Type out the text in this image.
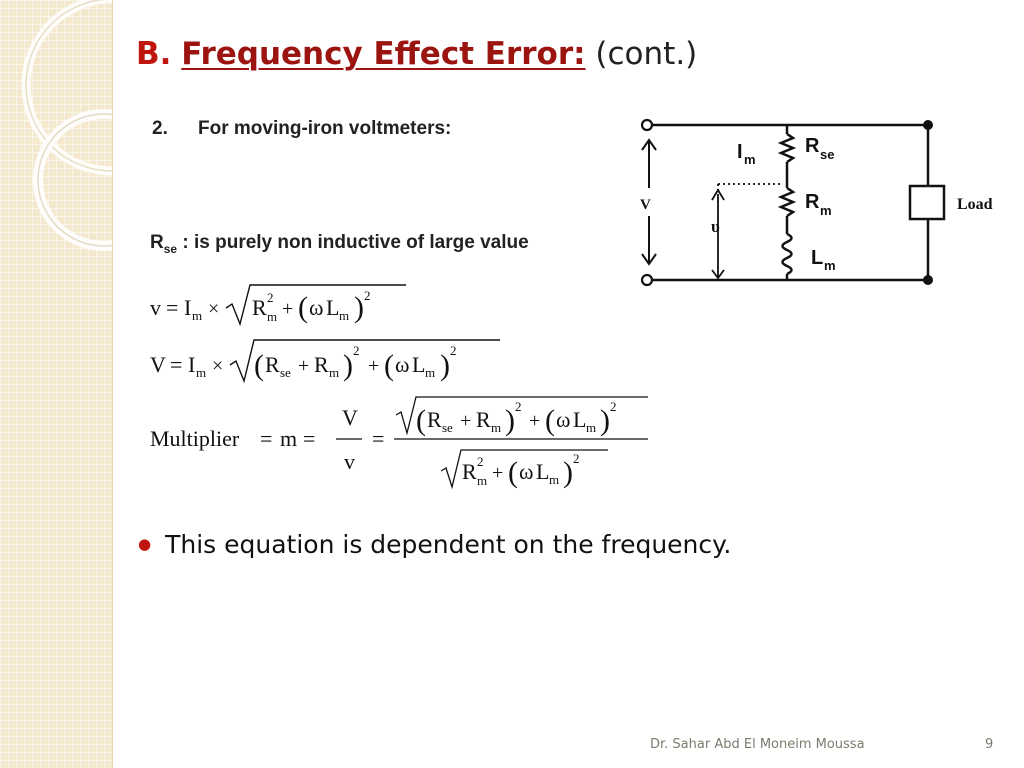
B. Frequency Effect Error: (cont.)
2. For moving-iron voltmeters:
$R_{se}$ : is purely non inductive of large value
v = I m × R 2
m + ( ω L m ) 2
V = I m × ( R se + R m ) 2
+ ( ω L m ) 2
Multiplier = m =
V
v
=
( R se + R m ) 2
+ ( ω L m ) 2
R 2
m + ( ω L m ) 2
V
υ
I m
R se
R m
L m
Load
● This equation is dependent on the frequency.
Dr. Sahar Abd El Moneim Moussa	9
